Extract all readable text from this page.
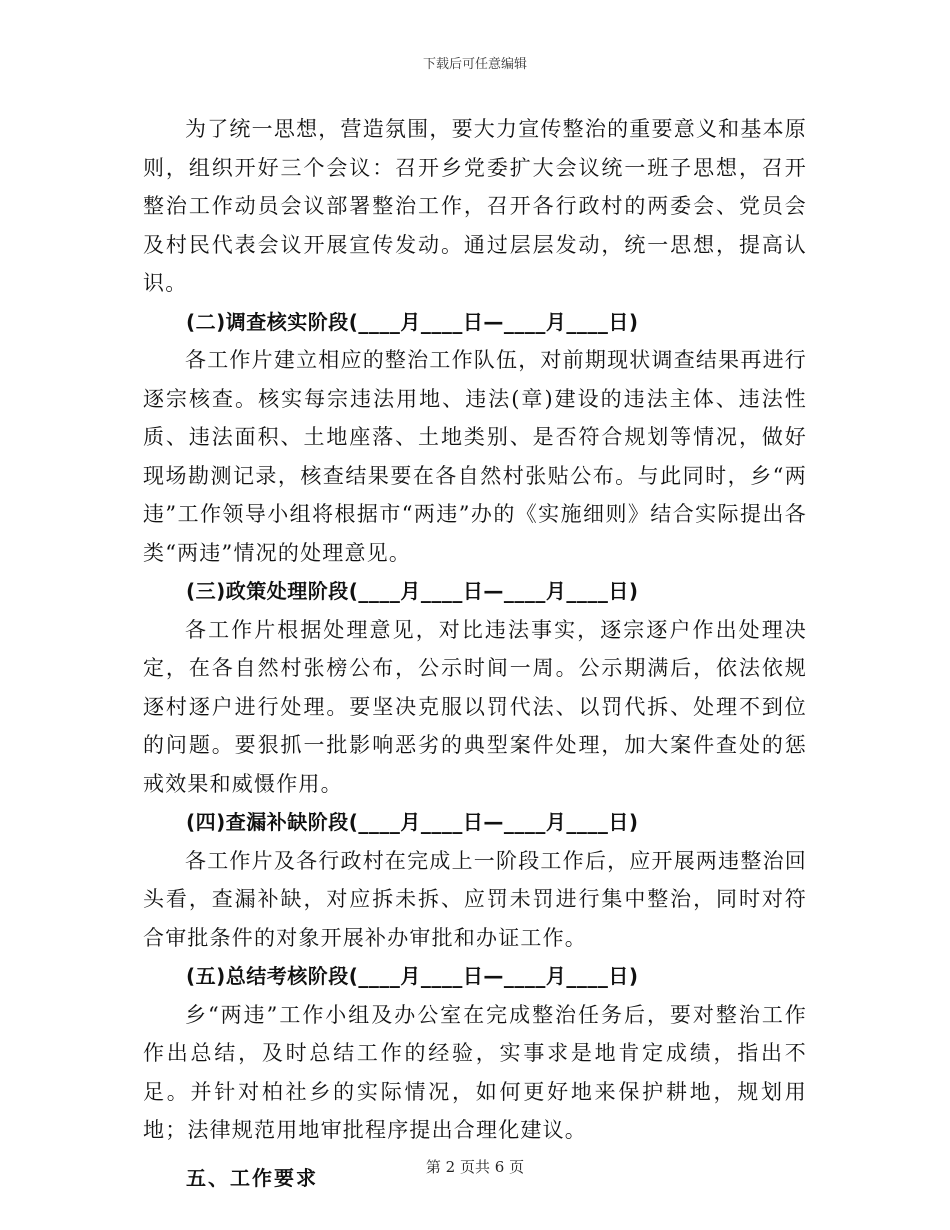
下载后可任意编辑

为了统一思想，营造氛围，要大力宣传整治的重要意义和基本原则，组织开好三个会议：召开乡党委扩大会议统一班子思想，召开整治工作动员会议部署整治工作，召开各行政村的两委会、党员会及村民代表会议开展宣传发动。通过层层发动，统一思想，提高认识。

(二)调查核实阶段(____月____日—____月____日)

各工作片建立相应的整治工作队伍，对前期现状调查结果再进行逐宗核查。核实每宗违法用地、违法(章)建设的违法主体、违法性质、违法面积、土地座落、土地类别、是否符合规划等情况，做好现场勘测记录，核查结果要在各自然村张贴公布。与此同时，乡“两违”工作领导小组将根据市“两违”办的《实施细则》结合实际提出各类“两违”情况的处理意见。

(三)政策处理阶段(____月____日—____月____日)

各工作片根据处理意见，对比违法事实，逐宗逐户作出处理决定，在各自然村张榜公布，公示时间一周。公示期满后，依法依规逐村逐户进行处理。要坚决克服以罚代法、以罚代拆、处理不到位的问题。要狠抓一批影响恶劣的典型案件处理，加大案件查处的惩戒效果和威慑作用。

(四)查漏补缺阶段(____月____日—____月____日)

各工作片及各行政村在完成上一阶段工作后，应开展两违整治回头看，查漏补缺，对应拆未拆、应罚未罚进行集中整治，同时对符合审批条件的对象开展补办审批和办证工作。

(五)总结考核阶段(____月____日—____月____日)

乡“两违”工作小组及办公室在完成整治任务后，要对整治工作作出总结，及时总结工作的经验，实事求是地肯定成绩，指出不足。并针对柏社乡的实际情况，如何更好地来保护耕地，规划用地；法律规范用地审批程序提出合理化建议。

五、工作要求	第 2 页共 6 页
